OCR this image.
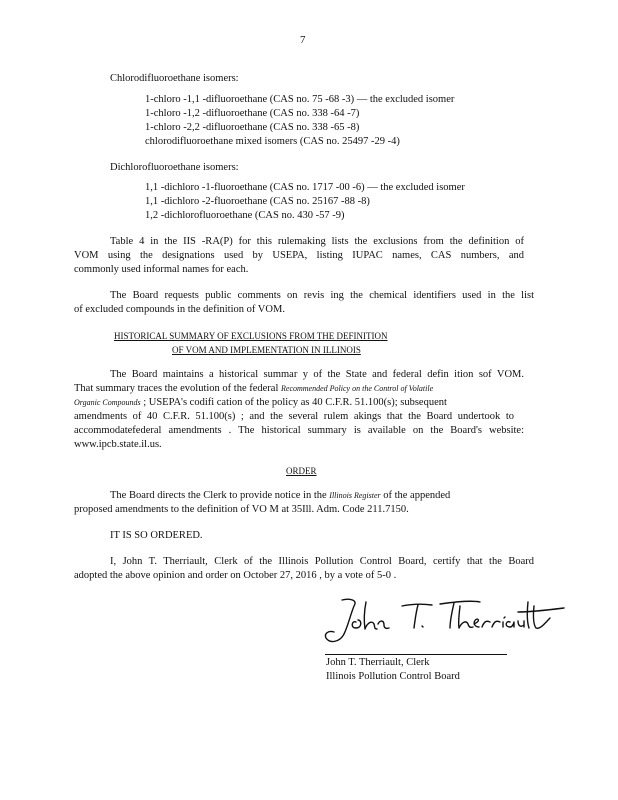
7
Chlorodifluoroethane isomers:
1-chloro -1,1 -difluoroethane (CAS no. 75 -68 -3) — the excluded isomer
1-chloro -1,2 -difluoroethane (CAS no. 338 -64 -7)
1-chloro -2,2 -difluoroethane (CAS no. 338 -65 -8)
chlorodifluoroethane mixed isomers (CAS no. 25497 -29 -4)
Dichlorofluoroethane isomers:
1,1 -dichloro -1-fluoroethane (CAS no. 1717 -00 -6) — the excluded isomer
1,1 -dichloro -2-fluoroethane (CAS no. 25167 -88 -8)
1,2 -dichlorofluoroethane (CAS no. 430 -57 -9)
Table 4 in the IIS -RA(P) for this rulemaking lists the exclusions from the definition of
VOM using the designations used by USEPA, listing IUPAC names, CAS numbers, and
commonly used informal names for each.
The Board requests public comments on revis ing the chemical identifiers used in the list
of excluded compounds in the definition of VOM.
HISTORICAL SUMMARY OF EXCLUSIONS FROM THE DEFINITION
OF VOM AND IMPLEMENTATION IN ILLINOIS
The Board maintains a historical summar y of the State and federal defin ition sof VOM.
That summary traces the evolution of the federal Recommended Policy on the Control of Volatile
Organic Compounds ; USEPA's codifi cation of the policy as 40 C.F.R. 51.100(s); subsequent
amendments of 40 C.F.R. 51.100(s) ; and the several rulem akings that the Board undertook to
accommodatefederal amendments . The historical summary is available on the Board's website:
www.ipcb.state.il.us.
ORDER
The Board directs the Clerk to provide notice in the Illinois Register of the appended
proposed amendments to the definition of VO M at 35Ill. Adm. Code 211.7150.
IT IS SO ORDERED.
I, John T. Therriault, Clerk of the Illinois Pollution Control Board, certify that the Board
adopted the above opinion and order on October 27, 2016 , by a vote of 5-0 .
John T. Therriault, Clerk
Illinois Pollution Control Board
